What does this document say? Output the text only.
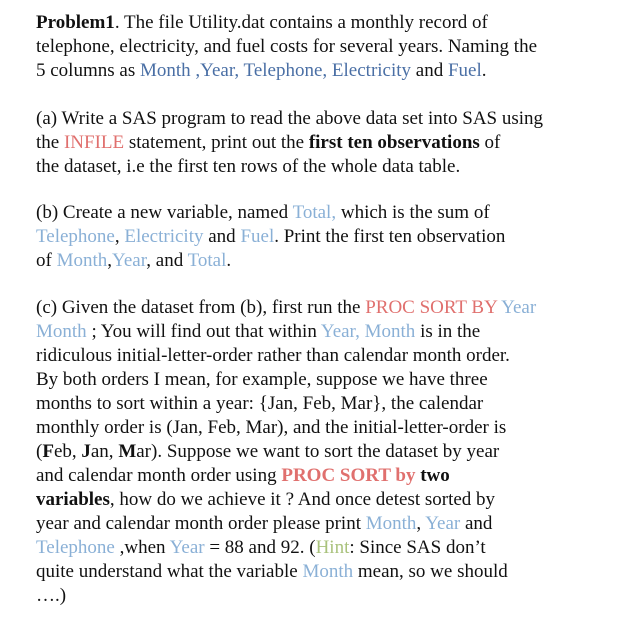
Problem1. The file Utility.dat contains a monthly record of
telephone, electricity, and fuel costs for several years. Naming the
5 columns as Month ,Year, Telephone, Electricity and Fuel.
(a) Write a SAS program to read the above data set into SAS using
the INFILE statement, print out the first ten observations of
the dataset, i.e the first ten rows of the whole data table.
(b) Create a new variable, named Total, which is the sum of
Telephone, Electricity and Fuel. Print the first ten observation
of Month,Year, and Total.
(c) Given the dataset from (b), first run the PROC SORT BY Year
Month ; You will find out that within Year, Month is in the
ridiculous initial-letter-order rather than calendar month order.
By both orders I mean, for example, suppose we have three
months to sort within a year: {Jan, Feb, Mar}, the calendar
monthly order is (Jan, Feb, Mar), and the initial-letter-order is
(Feb, Jan, Mar). Suppose we want to sort the dataset by year
and calendar month order using PROC SORT by two
variables, how do we achieve it ? And once detest sorted by
year and calendar month order please print Month, Year and
Telephone ,when Year = 88 and 92. (Hint: Since SAS don’t
quite understand what the variable Month mean, so we should
….)
